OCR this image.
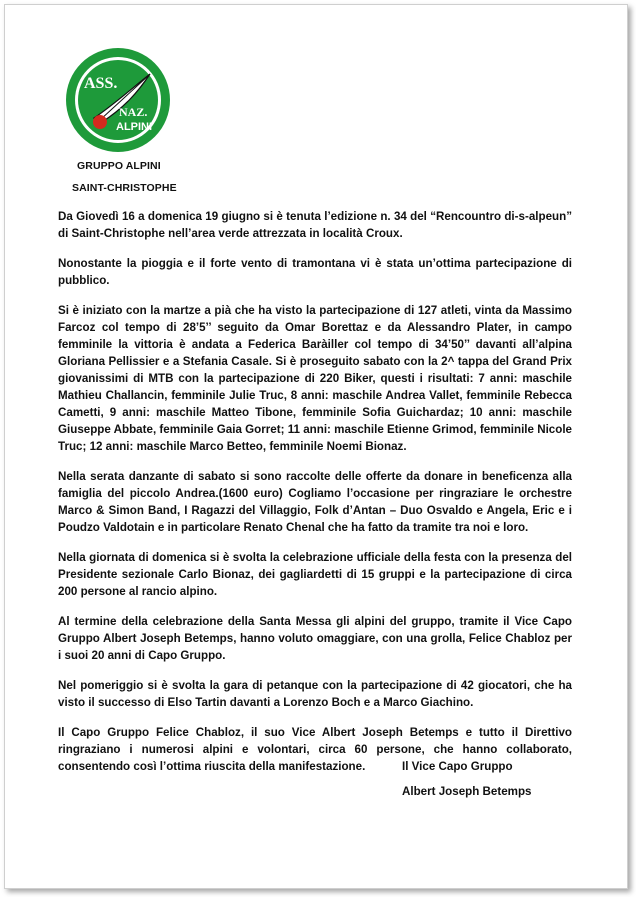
ASS.
NAZ.
ALPINI
GRUPPO ALPINI
SAINT-CHRISTOPHE

Da Giovedì 16 a domenica 19 giugno si è tenuta l’edizione n. 34 del “Rencountro di-s-alpeun” di Saint-Christophe nell’area verde attrezzata in località Croux.

Nonostante la pioggia e il forte vento di tramontana vi è stata un’ottima partecipazione di pubblico.

Si è iniziato con la martze a pià che ha visto la partecipazione di 127 atleti, vinta da Massimo Farcoz col tempo di 28’5’’ seguito da Omar Borettaz e da Alessandro Plater, in campo femminile la vittoria è andata a Federica Baràiller col tempo di 34’50’’ davanti all’alpina Gloriana Pellissier e a Stefania Casale. Si è proseguito sabato con la 2^ tappa del Grand Prix giovanissimi di MTB con la partecipazione di 220 Biker, questi i risultati: 7 anni: maschile Mathieu Challancin, femminile Julie Truc, 8 anni: maschile Andrea Vallet, femminile Rebecca Cametti, 9 anni: maschile Matteo Tibone, femminile Sofia Guichardaz; 10 anni: maschile Giuseppe Abbate, femminile Gaia Gorret; 11 anni: maschile Etienne Grimod, femminile Nicole Truc; 12 anni: maschile Marco Betteo, femminile Noemi Bionaz.

Nella serata danzante di sabato si sono raccolte delle offerte da donare in beneficenza alla famiglia del piccolo Andrea.(1600 euro) Cogliamo l’occasione per ringraziare le orchestre Marco & Simon Band, I Ragazzi del Villaggio, Folk d’Antan – Duo Osvaldo e Angela, Eric e i Poudzo Valdotain e in particolare Renato Chenal che ha fatto da tramite tra noi e loro.

Nella giornata di domenica si è svolta la celebrazione ufficiale della festa con la presenza del Presidente sezionale Carlo Bionaz, dei gagliardetti di 15 gruppi e la partecipazione di circa 200 persone al rancio alpino.

Al termine della celebrazione della Santa Messa gli alpini del gruppo, tramite il Vice Capo Gruppo Albert Joseph Betemps, hanno voluto omaggiare, con una grolla, Felice Chabloz per i suoi 20 anni di Capo Gruppo.

Nel pomeriggio si è svolta la gara di petanque con la partecipazione di 42 giocatori, che ha visto il successo di Elso Tartin davanti a Lorenzo Boch e a Marco Giachino.

Il Capo Gruppo Felice Chabloz, il suo Vice Albert Joseph Betemps e tutto il Direttivo ringraziano i numerosi alpini e volontari, circa 60 persone, che hanno collaborato, consentendo così l’ottima riuscita della manifestazione.	Il Vice Capo Gruppo
Albert Joseph Betemps
